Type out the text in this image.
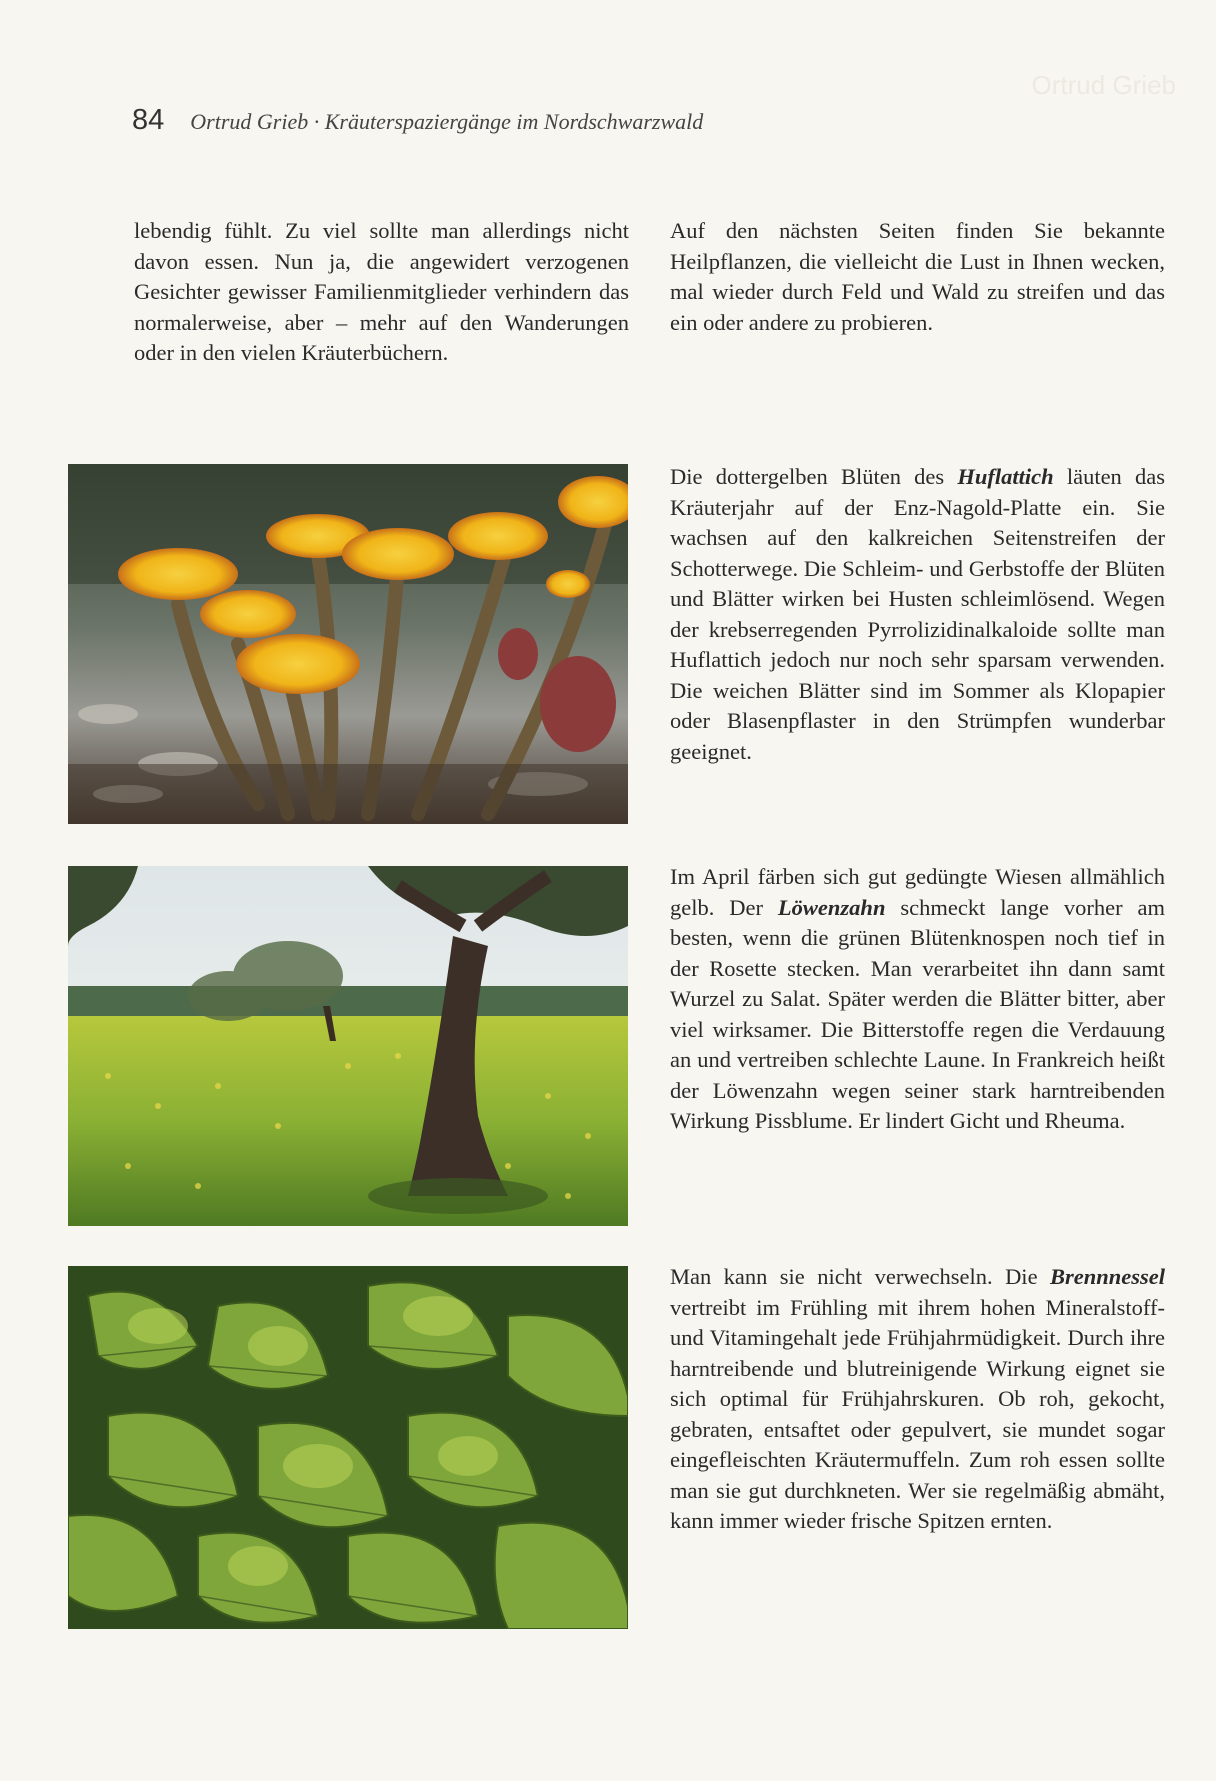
Ortrud Grieb
84 Ortrud Grieb · Kräuterspaziergänge im Nordschwarzwald

lebendig fühlt. Zu viel sollte man allerdings nicht davon essen. Nun ja, die angewidert verzogenen Gesichter gewisser Familienmitglieder verhindern das normalerweise, aber – mehr auf den Wanderungen oder in den vielen Kräuterbüchern.

Auf den nächsten Seiten finden Sie bekannte Heilpflanzen, die vielleicht die Lust in Ihnen wecken, mal wieder durch Feld und Wald zu streifen und das ein oder andere zu probieren.

Die dottergelben Blüten des Huflattich läuten das Kräuterjahr auf der Enz-Nagold-Platte ein. Sie wachsen auf den kalkreichen Seitenstreifen der Schotterwege. Die Schleim- und Gerbstoffe der Blüten und Blätter wirken bei Husten schleimlösend. Wegen der krebserregenden Pyrrolizidinalkaloide sollte man Huflattich jedoch nur noch sehr sparsam verwenden. Die weichen Blätter sind im Sommer als Klopapier oder Blasenpflaster in den Strümpfen wunderbar geeignet.

Im April färben sich gut gedüngte Wiesen allmählich gelb. Der Löwenzahn schmeckt lange vorher am besten, wenn die grünen Blütenknospen noch tief in der Rosette stecken. Man verarbeitet ihn dann samt Wurzel zu Salat. Später werden die Blätter bitter, aber viel wirksamer. Die Bitterstoffe regen die Verdauung an und vertreiben schlechte Laune. In Frankreich heißt der Löwenzahn wegen seiner stark harntreibenden Wirkung Pissblume. Er lindert Gicht und Rheuma.

Man kann sie nicht verwechseln. Die Brennnessel vertreibt im Frühling mit ihrem hohen Mineralstoff- und Vitamingehalt jede Frühjahrmüdigkeit. Durch ihre harntreibende und blutreinigende Wirkung eignet sie sich optimal für Frühjahrskuren. Ob roh, gekocht, gebraten, entsaftet oder gepulvert, sie mundet sogar eingefleischten Kräutermuffeln. Zum roh essen sollte man sie gut durchkneten. Wer sie regelmäßig abmäht, kann immer wieder frische Spitzen ernten.
